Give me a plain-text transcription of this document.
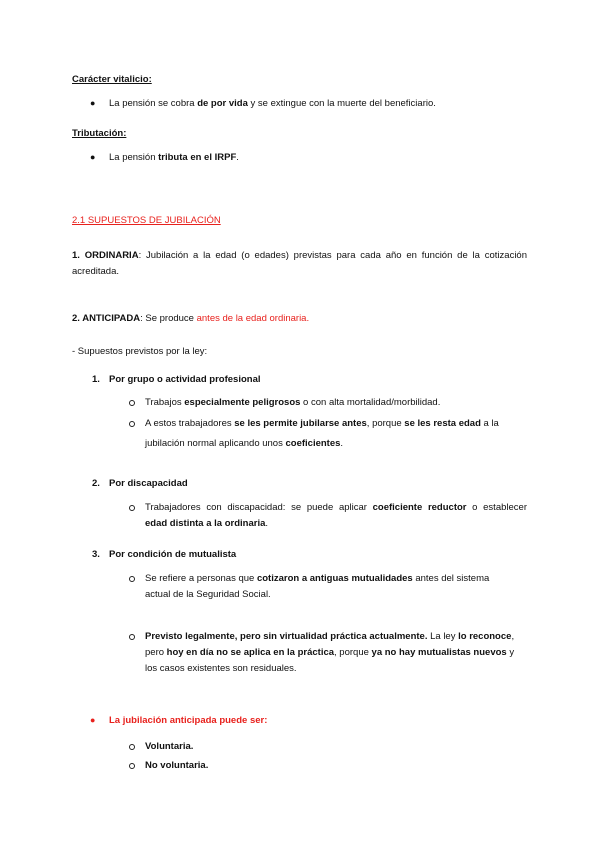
Carácter vitalicio:
● La pensión se cobra de por vida y se extingue con la muerte del beneficiario.
Tributación:
● La pensión tributa en el IRPF.
2.1 SUPUESTOS DE JUBILACIÓN
1. ORDINARIA: Jubilación a la edad (o edades) previstas para cada año en función de la cotización
acreditada.
2. ANTICIPADA: Se produce antes de la edad ordinaria.
- Supuestos previstos por la ley:
1. Por grupo o actividad profesional
Trabajos especialmente peligrosos o con alta mortalidad/morbilidad.
A estos trabajadores se les permite jubilarse antes, porque se les resta edad a la
jubilación normal aplicando unos coeficientes.
2. Por discapacidad
Trabajadores con discapacidad: se puede aplicar coeficiente reductor o establecer
edad distinta a la ordinaria.
3. Por condición de mutualista
Se refiere a personas que cotizaron a antiguas mutualidades antes del sistema
actual de la Seguridad Social.
Previsto legalmente, pero sin virtualidad práctica actualmente. La ley lo reconoce,
pero hoy en día no se aplica en la práctica, porque ya no hay mutualistas nuevos y
los casos existentes son residuales.
● La jubilación anticipada puede ser:
Voluntaria.
No voluntaria.
